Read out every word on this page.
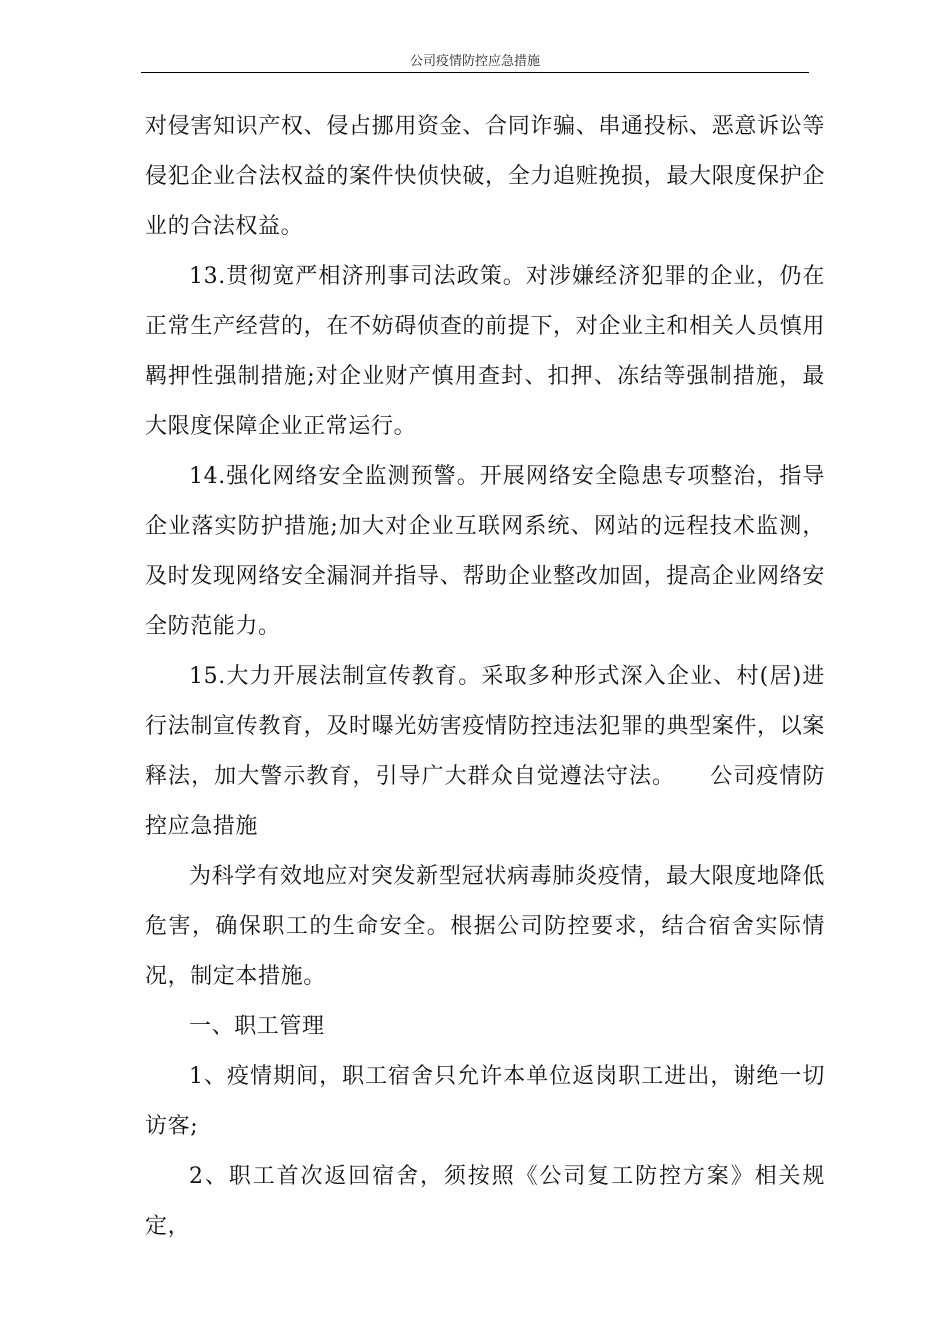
公司疫情防控应急措施

对侵害知识产权、侵占挪用资金、合同诈骗、串通投标、恶意诉讼等侵犯企业合法权益的案件快侦快破，全力追赃挽损，最大限度保护企业的合法权益。

13.贯彻宽严相济刑事司法政策。对涉嫌经济犯罪的企业，仍在正常生产经营的，在不妨碍侦查的前提下，对企业主和相关人员慎用羁押性强制措施;对企业财产慎用查封、扣押、冻结等强制措施，最大限度保障企业正常运行。

14.强化网络安全监测预警。开展网络安全隐患专项整治，指导企业落实防护措施;加大对企业互联网系统、网站的远程技术监测，及时发现网络安全漏洞并指导、帮助企业整改加固，提高企业网络安全防范能力。

15.大力开展法制宣传教育。采取多种形式深入企业、村(居)进行法制宣传教育，及时曝光妨害疫情防控违法犯罪的典型案件，以案释法，加大警示教育，引导广大群众自觉遵法守法。　　公司疫情防控应急措施

为科学有效地应对突发新型冠状病毒肺炎疫情，最大限度地降低危害，确保职工的生命安全。根据公司防控要求，结合宿舍实际情况，制定本措施。

一、职工管理

1、疫情期间，职工宿舍只允许本单位返岗职工进出，谢绝一切访客;

2、职工首次返回宿舍，须按照《公司复工防控方案》相关规定，
